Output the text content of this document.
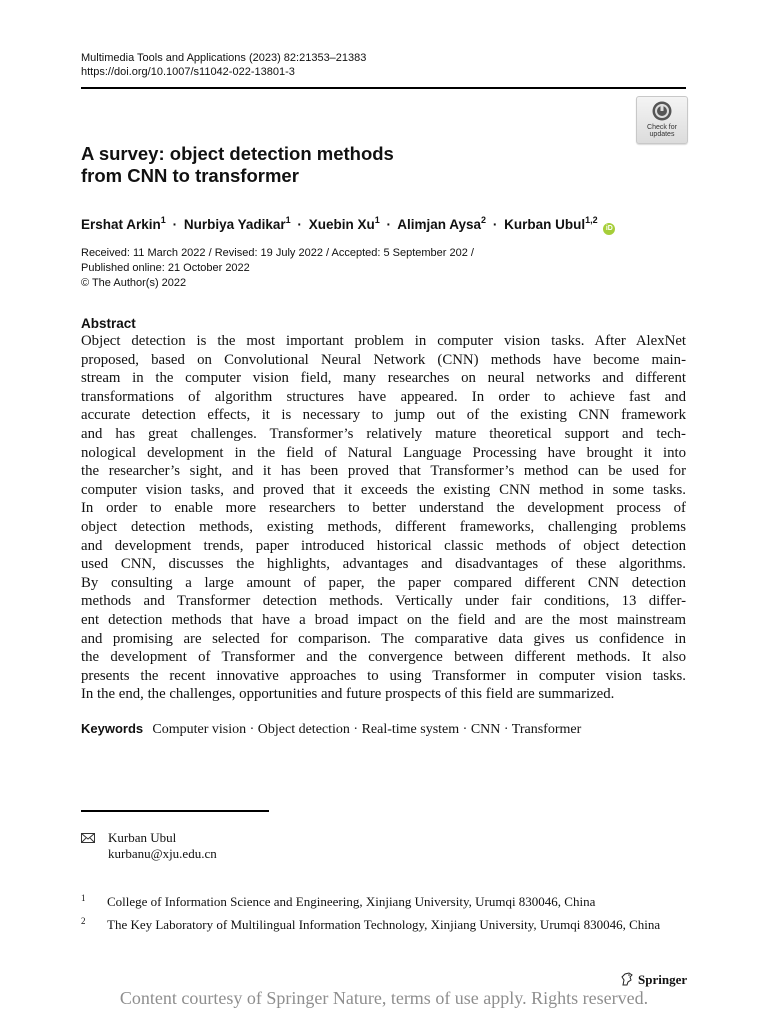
Multimedia Tools and Applications (2023) 82:21353–21383
https://doi.org/10.1007/s11042-022-13801-3
Check for
updates
A survey: object detection methods
from CNN to transformer
Ershat Arkin$^1$ · Nurbiya Yadikar$^1$ · Xuebin $Xu^1$ · Alimjan Aysa$^2$ · Kurban Ubul$^{1,2}$ iD
Received: 11 March 2022 / Revised: 19 July 2022 / Accepted: 5 September 202 /
Published online: 21 October 2022
© The Author(s) 2022
Abstract
Object detection is the most important problem in computer vision tasks. After AlexNet
proposed, based on Convolutional Neural Network (CNN) methods have become main-
stream in the computer vision field, many researches on neural networks and different
transformations of algorithm structures have appeared. In order to achieve fast and
accurate detection effects, it is necessary to jump out of the existing CNN framework
and has great challenges. Transformer’s relatively mature theoretical support and tech-
nological development in the field of Natural Language Processing have brought it into
the researcher’s sight, and it has been proved that Transformer’s method can be used for
computer vision tasks, and proved that it exceeds the existing CNN method in some tasks.
In order to enable more researchers to better understand the development process of
object detection methods, existing methods, different frameworks, challenging problems
and development trends, paper introduced historical classic methods of object detection
used CNN, discusses the highlights, advantages and disadvantages of these algorithms.
By consulting a large amount of paper, the paper compared different CNN detection
methods and Transformer detection methods. Vertically under fair conditions, 13 differ-
ent detection methods that have a broad impact on the field and are the most mainstream
and promising are selected for comparison. The comparative data gives us confidence in
the development of Transformer and the convergence between different methods. It also
presents the recent innovative approaches to using Transformer in computer vision tasks.
In the end, the challenges, opportunities and future prospects of this field are summarized.
Keywords Computer vision · Object detection · Real-time system · CNN · Transformer
Kurban Ubul
kurbanu@xju.edu.cn
1 College of Information Science and Engineering, Xinjiang University, Urumqi 830046, China
2 The Key Laboratory of Multilingual Information Technology, Xinjiang University, Urumqi 830046, China
Springer
Content courtesy of Springer Nature, terms of use apply. Rights reserved.
